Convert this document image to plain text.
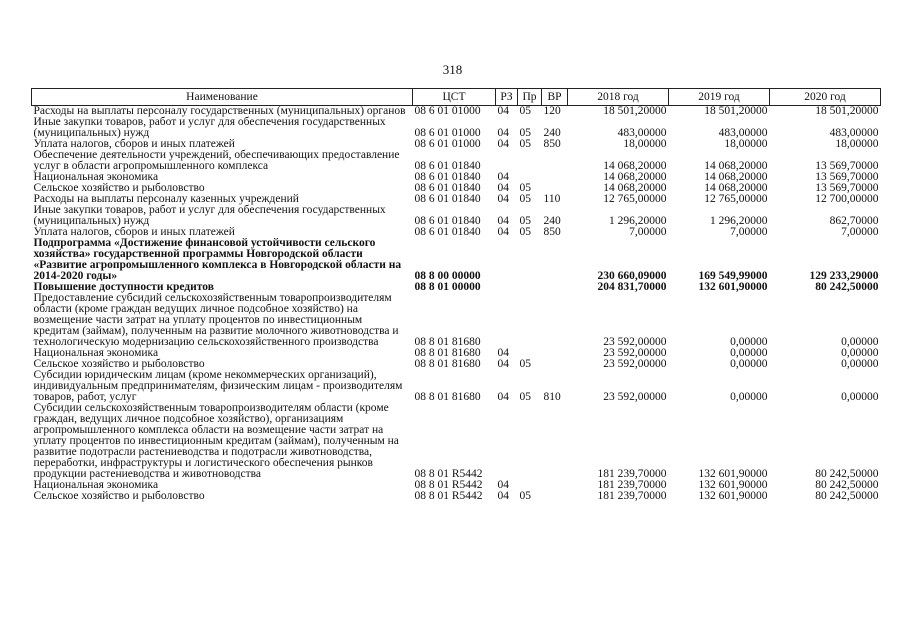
318
Наименование	ЦСТ	РЗ	Пр	ВР	2018 год	2019 год	2020 год
Расходы на выплаты персоналу государственных (муниципальных) органов	08 6 01 01000	04	05	120	18 501,20000	18 501,20000	18 501,20000
Иные закупки товаров, работ и услуг для обеспечения государственных (муниципальных) нужд	08 6 01 01000	04	05	240	483,00000	483,00000	483,00000
Уплата налогов, сборов и иных платежей	08 6 01 01000	04	05	850	18,00000	18,00000	18,00000
Обеспечение деятельности учреждений, обеспечивающих предоставление услуг в области агропромышленного комплекса	08 6 01 01840				14 068,20000	14 068,20000	13 569,70000
Национальная экономика	08 6 01 01840	04			14 068,20000	14 068,20000	13 569,70000
Сельское хозяйство и рыболовство	08 6 01 01840	04	05		14 068,20000	14 068,20000	13 569,70000
Расходы на выплаты персоналу казенных учреждений	08 6 01 01840	04	05	110	12 765,00000	12 765,00000	12 700,00000
Иные закупки товаров, работ и услуг для обеспечения государственных (муниципальных) нужд	08 6 01 01840	04	05	240	1 296,20000	1 296,20000	862,70000
Уплата налогов, сборов и иных платежей	08 6 01 01840	04	05	850	7,00000	7,00000	7,00000
Подпрограмма «Достижение финансовой устойчивости сельского хозяйства» государственной программы Новгородской области «Развитие агропромышленного комплекса в Новгородской области на 2014-2020 годы»	08 8 00 00000				230 660,09000	169 549,99000	129 233,29000
Повышение доступности кредитов	08 8 01 00000				204 831,70000	132 601,90000	80 242,50000
Предоставление субсидий сельскохозяйственным товаропроизводителям области (кроме граждан ведущих личное подсобное хозяйство) на возмещение части затрат на уплату процентов по инвестиционным кредитам (займам), полученным на развитие молочного животноводства и технологическую модернизацию сельскохозяйственного производства	08 8 01 81680				23 592,00000	0,00000	0,00000
Национальная экономика	08 8 01 81680	04			23 592,00000	0,00000	0,00000
Сельское хозяйство и рыболовство	08 8 01 81680	04	05		23 592,00000	0,00000	0,00000
Субсидии юридическим лицам (кроме некоммерческих организаций), индивидуальным предпринимателям, физическим лицам - производителям товаров, работ, услуг	08 8 01 81680	04	05	810	23 592,00000	0,00000	0,00000
Субсидии сельскохозяйственным товаропроизводителям области (кроме граждан, ведущих личное подсобное хозяйство), организациям агропромышленного комплекса области на возмещение части затрат на уплату процентов по инвестиционным кредитам (займам), полученным на развитие подотрасли растениеводства и подотрасли животноводства, переработки, инфраструктуры и логистического обеспечения рынков продукции растениеводства и животноводства	08 8 01 R5442				181 239,70000	132 601,90000	80 242,50000
Национальная экономика	08 8 01 R5442	04			181 239,70000	132 601,90000	80 242,50000
Сельское хозяйство и рыболовство	08 8 01 R5442	04	05		181 239,70000	132 601,90000	80 242,50000
